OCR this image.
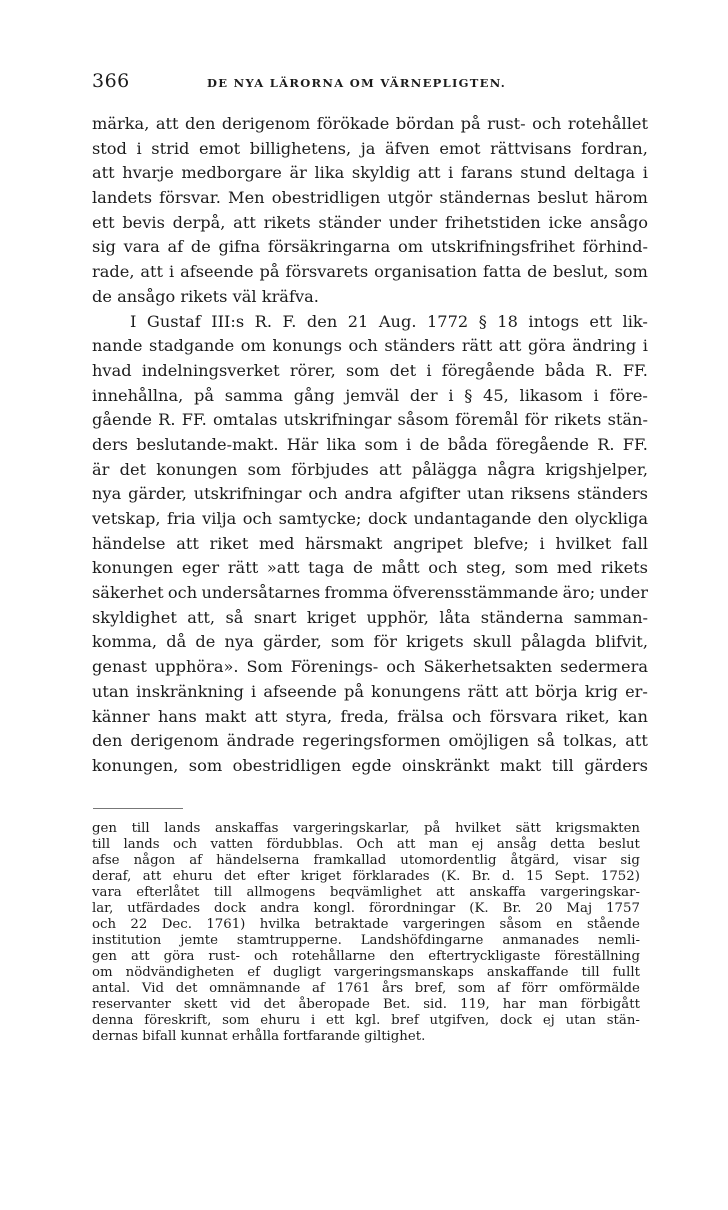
366	DE NYA LÄRORNA OM VÄRNEPLIGTEN.
märka, att den derigenom förökade bördan på rust- och rotehållet
stod i strid emot billighetens, ja äfven emot rättvisans fordran,
att hvarje medborgare är lika skyldig att i farans stund deltaga i
landets försvar. Men obestridligen utgör ständernas beslut härom
ett bevis derpå, att rikets ständer under frihetstiden icke ansågo
sig vara af de gifna försäkringarna om utskrifningsfrihet förhind-
rade, att i afseende på försvarets organisation fatta de beslut, som
de ansågo rikets väl kräfva.
I Gustaf III:s R. F. den 21 Aug. 1772 § 18 intogs ett lik-
nande stadgande om konungs och ständers rätt att göra ändring i
hvad indelningsverket rörer, som det i föregående båda R. FF.
innehållna, på samma gång jemväl der i § 45, likasom i före-
gående R. FF. omtalas utskrifningar såsom föremål för rikets stän-
ders beslutande-makt. Här lika som i de båda föregående R. FF.
är det konungen som förbjudes att pålägga några krigshjelper,
nya gärder, utskrifningar och andra afgifter utan riksens ständers
vetskap, fria vilja och samtycke; dock undantagande den olyckliga
händelse att riket med härsmakt angripet blefve; i hvilket fall
konungen eger rätt »att taga de mått och steg, som med rikets
säkerhet och undersåtarnes fromma öfverensstämmande äro; under
skyldighet att, så snart kriget upphör, låta ständerna samman-
komma, då de nya gärder, som för krigets skull pålagda blifvit,
genast upphöra». Som Förenings- och Säkerhetsakten sedermera
utan inskränkning i afseende på konungens rätt att börja krig er-
känner hans makt att styra, freda, frälsa och försvara riket, kan
den derigenom ändrade regeringsformen omöjligen så tolkas, att
konungen, som obestridligen egde oinskränkt makt till gärders
gen till lands anskaffas vargeringskarlar, på hvilket sätt krigsmakten
till lands och vatten fördubblas. Och att man ej ansåg detta beslut
afse någon af händelserna framkallad utomordentlig åtgärd, visar sig
deraf, att ehuru det efter kriget förklarades (K. Br. d. 15 Sept. 1752)
vara efterlåtet till allmogens beqvämlighet att anskaffa vargeringskar-
lar, utfärdades dock andra kongl. förordningar (K. Br. 20 Maj 1757
och 22 Dec. 1761) hvilka betraktade vargeringen såsom en stående
institution jemte stamtrupperne. Landshöfdingarne anmanades nemli-
gen att göra rust- och rotehållarne den eftertryckligaste föreställning
om nödvändigheten ef dugligt vargeringsmanskaps anskaffande till fullt
antal. Vid det omnämnande af 1761 års bref, som af förr omförmälde
reservanter skett vid det åberopade Bet. sid. 119, har man förbigått
denna föreskrift, som ehuru i ett kgl. bref utgifven, dock ej utan stän-
dernas bifall kunnat erhålla fortfarande giltighet.
